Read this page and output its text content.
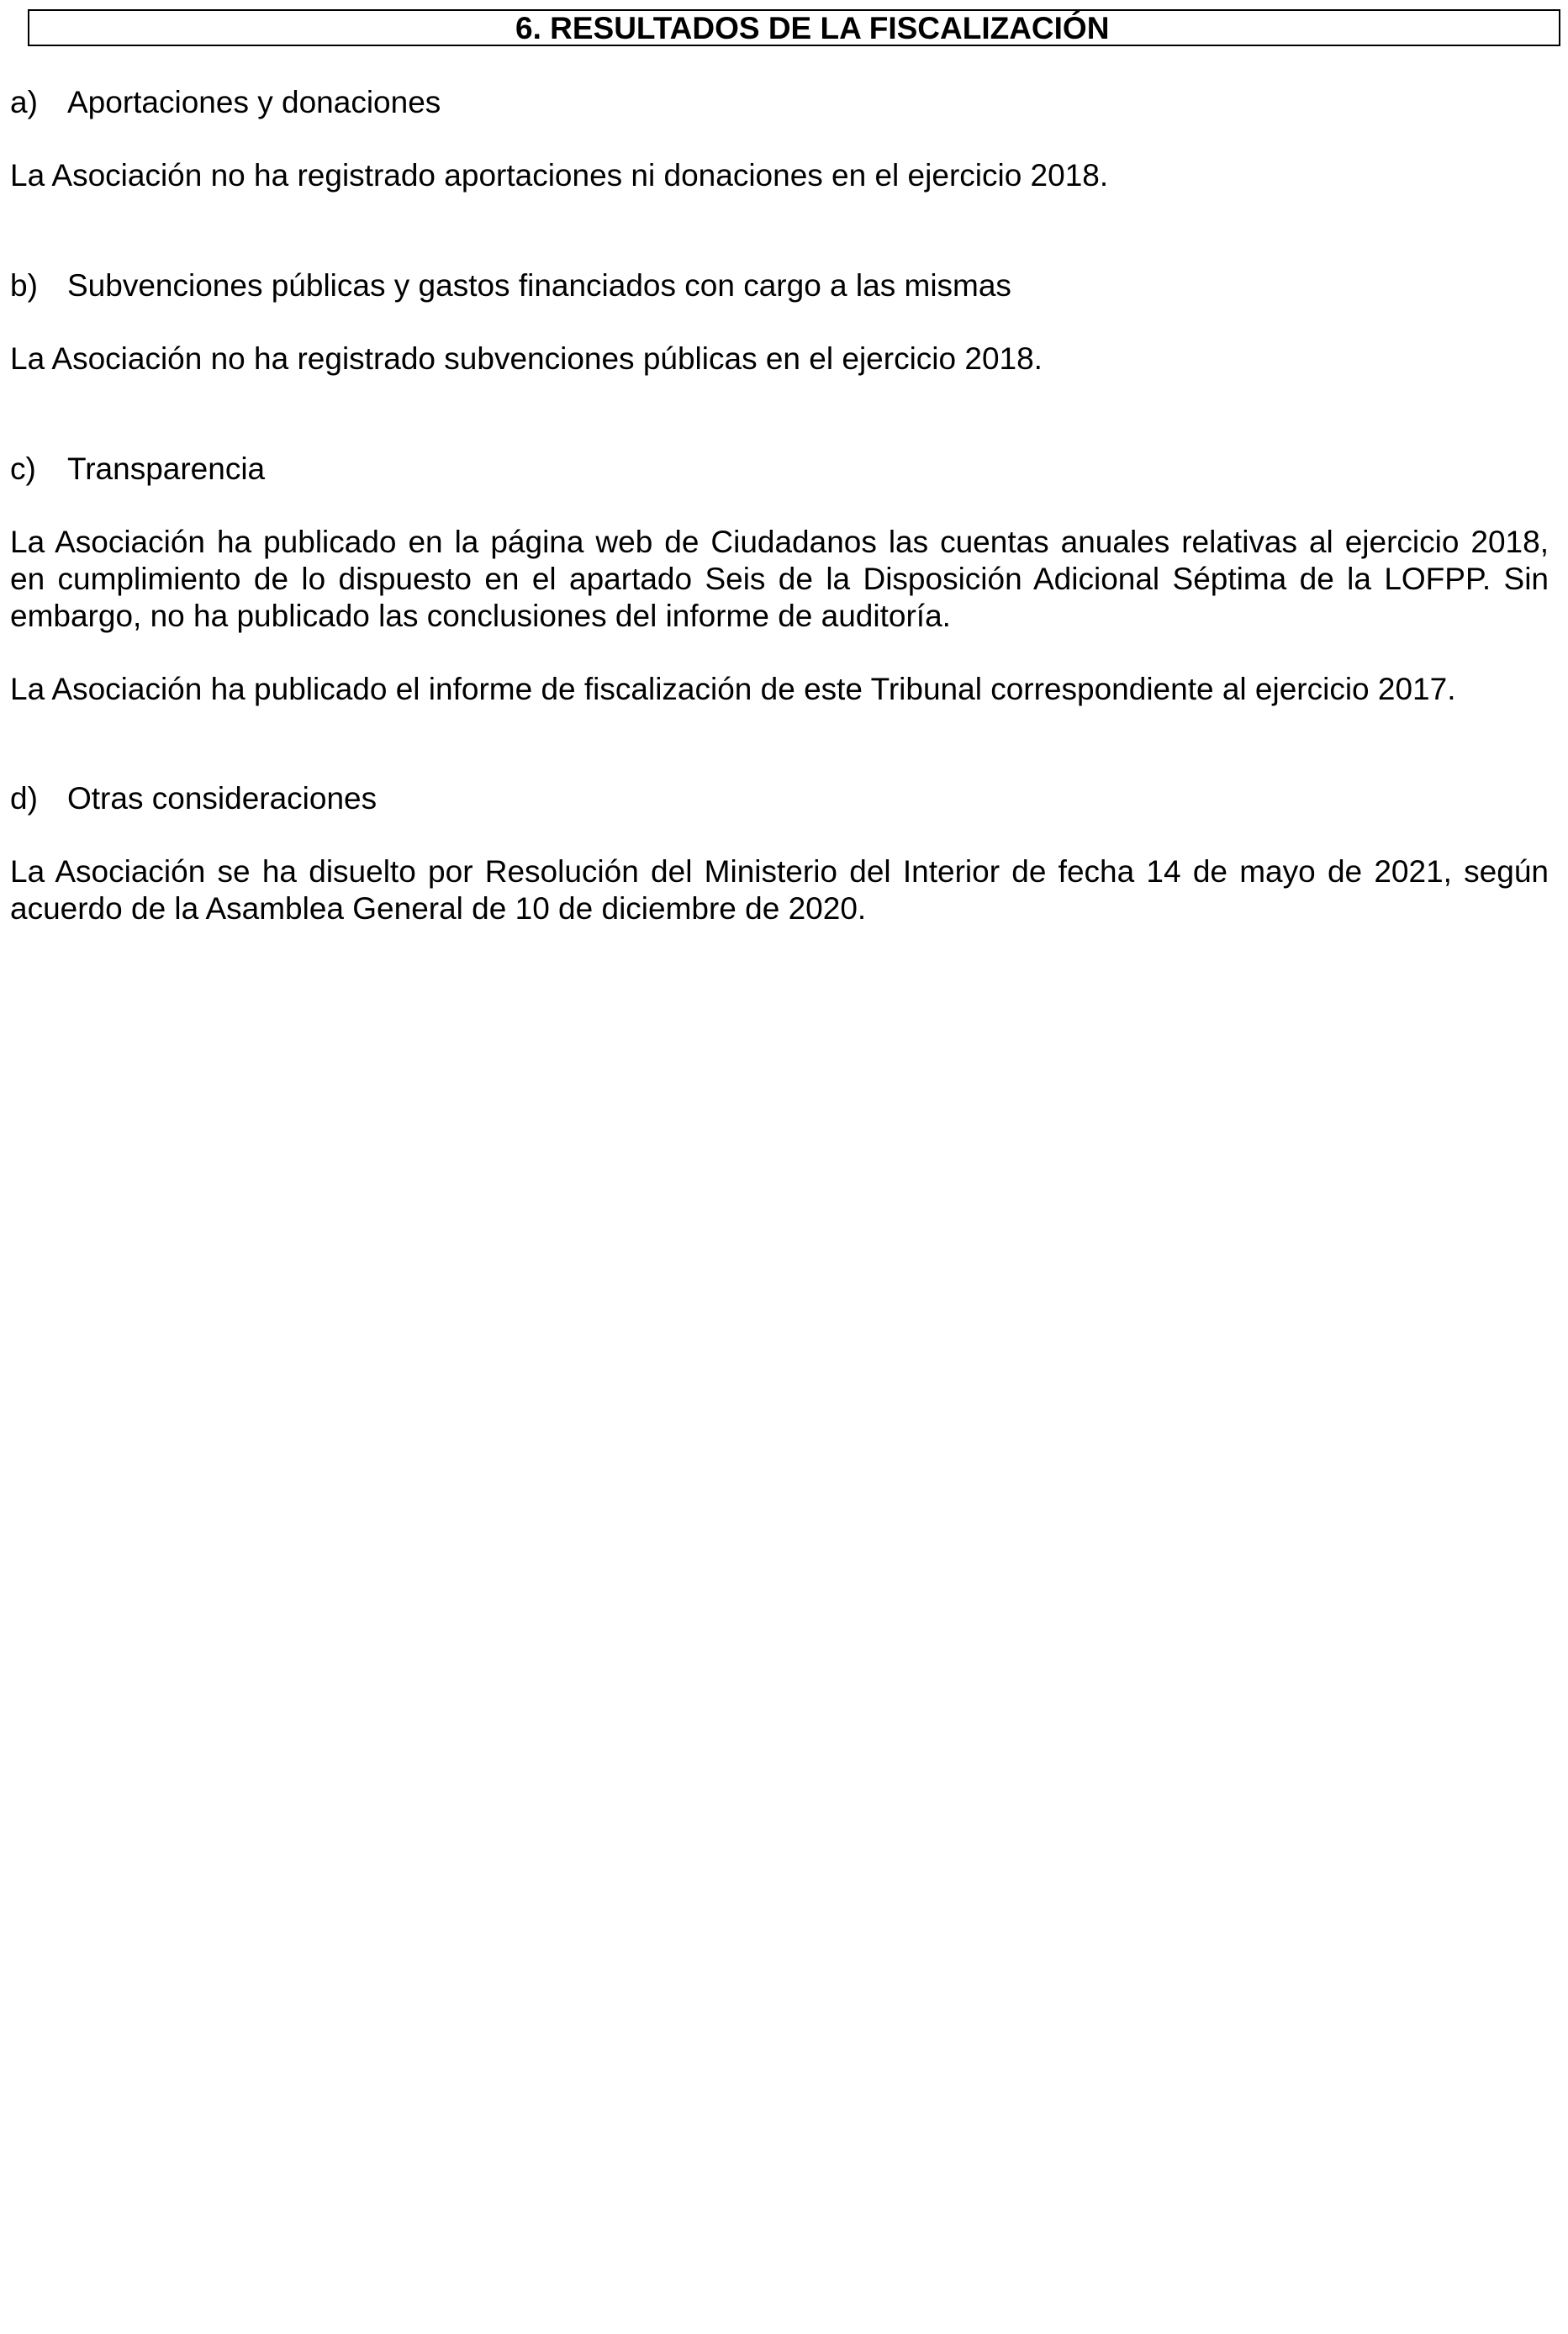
6. RESULTADOS DE LA FISCALIZACIÓN
a) Aportaciones y donaciones
La Asociación no ha registrado aportaciones ni donaciones en el ejercicio 2018.
b) Subvenciones públicas y gastos financiados con cargo a las mismas
La Asociación no ha registrado subvenciones públicas en el ejercicio 2018.
c) Transparencia
La Asociación ha publicado en la página web de Ciudadanos las cuentas anuales relativas al ejercicio 2018,
en cumplimiento de lo dispuesto en el apartado Seis de la Disposición Adicional Séptima de la LOFPP. Sin
embargo, no ha publicado las conclusiones del informe de auditoría.
La Asociación ha publicado el informe de fiscalización de este Tribunal correspondiente al ejercicio 2017.
d) Otras consideraciones
La Asociación se ha disuelto por Resolución del Ministerio del Interior de fecha 14 de mayo de 2021, según
acuerdo de la Asamblea General de 10 de diciembre de 2020.
